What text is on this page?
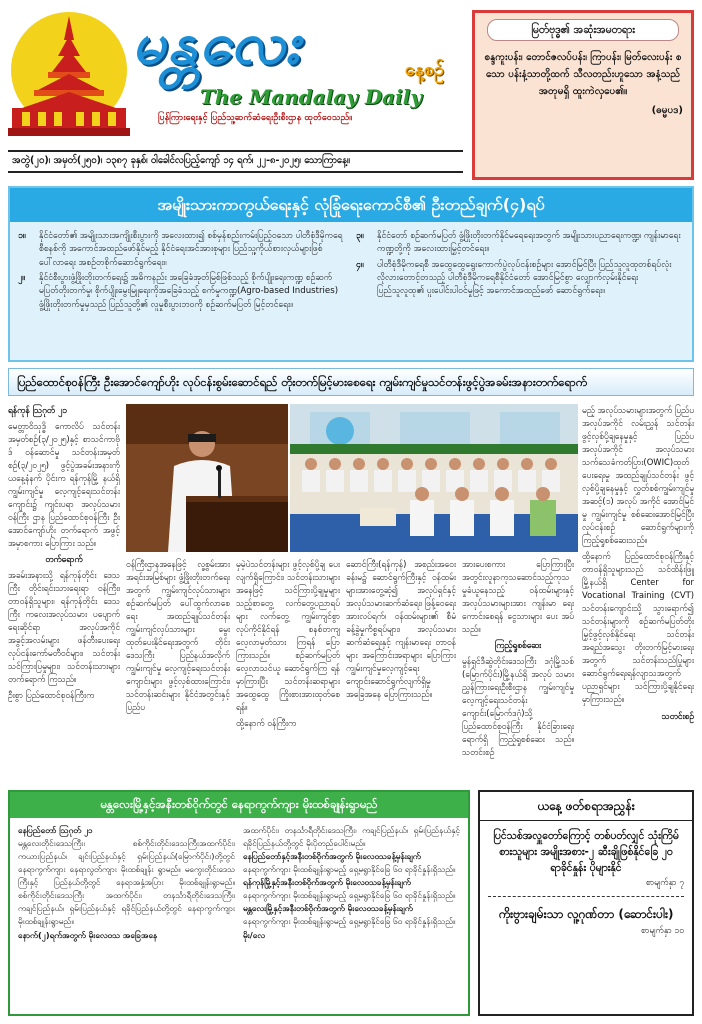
မန္တလေး	နေ့စဉ်
The Mandalay Daily
ပြန်ကြားရေးနှင့် ပြည်သူ့ဆက်ဆံရေးဦးစီးဌာန ထုတ်ဝေသည်။
မြတ်ဗုဒ္ဓ၏ အဆုံးအမတရား
စန္ဒကူးပန်း၊ တောင်ဇလပ်ပန်း၊ ကြာပန်း၊ မြတ်လေးပန်း စသော ပန်းနံ့သာတို့ထက် သီလတည်းဟူသော အနံ့သည် အတုမရှိ ထူးကဲလှပေ၏။
(ဓမ္မပဒ)
အတွဲ(၂၀)၊ အမှတ်(၂၅၀)၊ ၁၃၈၇ ခုနှစ်၊ ဝါခေါင်လပြည့်ကျော် ၁၄ ရက်၊ ၂၂-၈-၂၀၂၅၊ သောကြာနေ့။
အမျိုးသားကာကွယ်ရေးနှင့် လုံခြုံရေးကောင်စီ၏ ဦးတည်ချက်(၄)ရပ်
၁။	နိုင်ငံတော်၏ အမျိုးသားအကျိုးစီးပွားကို အလေးထား၍ စစ်မှန်စည်းကမ်းပြည့်ဝသော ပါတီစုံဒီမိုကရေစီစနစ်ကို အကောင်အထည်ဖော်နိုင်မည့် နိုင်ငံရေးအင်အားစုများ ပြည်သူ့ကိုယ်စားလှယ်များဖြစ်ပေါ်လာရေး အစဉ်တစိုက်ဆောင်ရွက်ရေး။
၂။	နိုင်ငံစီးပွားဖွံ့ဖြိုးတိုးတက်ရေး၌ အဓိကနည်း အခြေခံအုတ်မြစ်ဖြစ်သည့် စိုက်ပျိုးရေးကဏ္ဍ စဉ်ဆက်မပြတ်တိုးတက်မှု၊ စိုက်ပျိုးမွေးမြူရေးကိုအခြေခံသည့် စက်မှုကဏ္ဍ(Agro-based Industries) ဖွံ့ဖြိုးတိုးတက်မှုမှသည် ပြည်သူတို့၏ လူမှုစီးပွားဘဝကို စဉ်ဆက်မပြတ် မြင့်တင်ရေး။
၃။	နိုင်ငံတော် စဉ်ဆက်မပြတ် ဖွံ့ဖြိုးတိုးတက်နိုင်မရေရေးအတွက် အမျိုးသားပညာရေးကဏ္ဍ၊ ကျန်းမာရေးကဏ္ဍတို့ကို အလေးထားမြှင့်တင်ရေး။
၄။	ပါတီစုံဒီမိုကရေစီ အထွေထွေရွေးကောက်ပွဲလုပ်ငန်းစဉ်များ အောင်မြင်ပြီး ပြည်သူလူထုတစ်ရပ်လုံး လိုလားတောင့်တသည့် ပါတီစုံဒီမိုကရေစီနိုင်ငံတော် အောင်မြင်စွာ လျှောက်လှမ်းနိုင်ရေး ပြည်သူလူထု၏ ပူးပေါင်းပါဝင်မှုဖြင့် အကောင်အထည်ဖော် ဆောင်ရွက်ရေး။
ပြည်ထောင်စုဝန်ကြီး ဦးအောင်ကျော်ဟိုး လုပ်ငန်းစွမ်းဆောင်ရည် တိုးတက်မြင့်မားစေရေး ကျွမ်းကျင်မှုသင်တန်းဖွင့်ပွဲအခမ်းအနားတက်ရောက်

ရန်ကုန် ဩဂုတ် ၂၁

မေတ္တာဝိသုဒ္ဓိ ကောလိပ် သင်တန်းအမှတ်စဉ်(၃/၂၀၂၅)နှင့် စာသင်ကာဗိုဒ် ဝန်ဆောင်မှု သင်တန်းအမှတ်စဉ်(၃/၂၀၂၅) ဖွင့်ပွဲအခမ်းအနားကို ယနေ့နံနက် ပိုင်းက ရန်ကုန်မြို့ နယ်ရှိ ကျွမ်းကျင်မှု လေ့ကျင့်ရေးသင်တန်းကျောင်း၌ ကျင်းပရာ အလုပ်သမားဝန်ကြီး ဌာန ပြည်ထောင်စုဝန်ကြီး ဦးအောင်ကျော်ဟိုး တက်ရောက် အဖွင့်အမှာစကား ပြောကြား သည်။

တက်ရောက်

အခမ်းအနားသို့ ရန်ကုန်တိုင်း ဒေသကြီး တိုင်းရင်းသားရေးရာ ဝန်ကြီး၊ တာဝန်ရှိသူများ၊ ရန်ကုန်တိုင်း ဒေသကြီး ကလေးအလုပ်သမား ပပျောက်ရေးဆိုင်ရာ အလုပ်အကိုင် အခွင့်အလမ်းများ ဖန်တီးပေးရေးလုပ်ငန်းကော်မတီဝင်များ၊ သင်တန်းသင်ကြားပြမှုများ၊ သင်တန်းသားများ တက်ရောက် ကြသည်။

ဦးစွာ ပြည်ထောင်စုဝန်ကြီးက

ဝန်ကြီးဌာနအနေဖြင့် လူ့စွမ်းအား အရင်းအမြစ်များ ဖွံ့ဖြိုးတိုးတက်ရေးအတွက် ကျွမ်းကျင်လုပ်သားများ စဉ်ဆက်မပြတ် ပေါ်ထွက်လာစေရေး အထည်ချုပ်သင်တန်း ကျွမ်းကျင်လုပ်သားများ မွေးထုတ်ပေးနိုင်ရေးအတွက် တိုင်းဒေသကြီး ပြည်နယ်အလိုက် ကျွမ်းကျင်မှု လေ့ကျင့်ရေးသင်တန်းကျောင်းများ ဖွင့်လှစ်ထားကြောင်း၊ သင်တန်းဆင်းများ နိုင်ငံအတွင်းနှင့် ပြည်ပ

မှမဲ့ပဲသင်တန်းများ ဖွင့်လှစ်ပို့ချ ပေးလျက်ရှိကြောင်း၊ သင်တန်းသားများအနေဖြင့် သင်ကြားပို့ချမှုများ သည့်စာတွေ့ လက်တွေ့ပညာရပ်များ လက်တွေ့ ကျွမ်းကျင်စွာ လုပ်ကိုင်နိုင်ရန် စနစ်တကျ လေ့လာမှတ်သား ကြရန် ပြောကြားသည်။ စဉ်ဆက်မပြတ် လေ့လာသင်ယူ ဆောင်ရွက်ကြ ရန် မှာကြားပြီး သင်တန်းဆရာများ အထွေထွေ ကြိုးစားအားထုတ်စေရန်။

ထို့နောက် ဝန်ကြီးက

ဆောင်ကြီး(ရန်ကုန်) အစည်းအဝေး ခန်းမ၌ ဆောင်ရွက်ကြီးနှင့် ဝန်ထမ်း များအားတွေ့ဆုံ၍ အလုပ်ရှင်နှင့် အလုပ်သမားဆက်ဆံရေး၊ ဖြန့်ဝေရေး အားလပ်ရက်၊ ဝန်ထမ်းများ၏ စီမံခန့်ခွဲမှုကိစ္စရပ်များ၊ အလုပ်သမား ဆက်ဆံရေးနှင့် ကျန်းမာရေး တာဝန်များ အကြောင်းအရာများ ပြောကြား ကျွမ်းကျင်မှုလေ့ကျင့်ရေး ကျောင်းဆောင်ရွက်လျက်ရှိမှု အခြေအနေ ပြောကြားသည်။

အားပေးစကား ပြောကြားပြီး အတွင်းလူနာကုသဆောင်သည့်ကုသမှုခံယူနေသည့် ဝန်ထမ်းများနှင့် အလုပ်သမားများအား ကျန်းမာ ရေး ကောင်းစေရန် ငွေသားများ ပေး အပ်သည်။

ကြည့်ရှုစစ်ဆေး

မွန်ရှင်ဒီဆွဲတိုင်းဒေသကြီး ဒဂုံမြို့သစ် (မြောက်ပိုင်း)မြို့နယ်ရှိ အလုပ် သမား ညွှန်ကြားရေးဦးစီးဌာန ကျွမ်းကျင်မှုလေ့ကျင့်ရေးသင်တန်း ကျောင်း(မြောက်ဒဂုံ)သို့ ပြည်ထောင်စုဝန်ကြီး နိုင်ငံခြားရေးရောက်ရှိ ကြည့်ရှုစစ်ဆေး သည်။ သတင်းစဉ်

မည့် အလုပ်သမားများအတွက် ပြည်ပအလုပ်အကိုင် လမ်းညွှန် သင်တန်း ဖွင့်လှစ်ပို့ချနေမှုနှင့် ပြည်ပအလုပ်အကိုင် အလုပ်သမား သက်သေခံကတ်ပြား(OWIC)ထုတ် ပေးရေးမှု အထည်ချုပ်သင်တန်း ဖွင့်လှစ်ပို့ချနေမှုနှင့် လွှတ်စစ်ကျွမ်းကျင်မှုအဆင့်(၁) အလုပ် အကိုင် အောင်မြင်မှု ကျွမ်းကျင်မှု စစ်ဆေးအောင်မြင်ပြီး လုပ်ငန်းစဉ် ဆောင်ရွက်များကို ကြည့်ရှုစစ်ဆေးသည်။

ထို့နောက် ပြည်ထောင်စုဝန်ကြီးနှင့် တာဝန်ရှိသူများသည် သင်ထိန်းဖြူမြို့နယ်ရှိ Center for Vocational Training (CVT) သင်တန်းကျောင်းသို့ သွားရောက်၍ သင်တန်းများကို စဉ်ဆက်မပြတ်တိုးမြှင့်ဖွင့်လှစ်နိုင်ရေး သင်တန်း အရည်အသွေး တိုးတက်မြင့်မားရေးအတွက် သင်တန်းသည်ပြုများ ဆောင်ရွက်ရေးရန်လျာသအတွက် ပညာရှင်များ သင်ကြားပို့ချနိုင်ရေး မှာကြားသည်။

သတင်းစဉ်

မန္တလေးမြို့နှင့်အနီးတစ်ဝိုက်တွင် နေရာကွက်ကျား မိုးထစ်ချုန်းရွာမည်

နေပြည်တော် ဩဂုတ် ၂၁

မန္တလေးတိုင်းဒေသကြီး၊ စစ်ကိုင်းတိုင်းဒေသကြီးအထက်ပိုင်း၊ ကယားပြည်နယ်၊ ချင်းပြည်နယ်နှင့် ရှမ်းပြည်နယ်(မြောက်ပိုင်း)တို့တွင် နေရာကွက်ကျား နေရာလွတ်ကျား မိုးထစ်ချုန်း ရွာမည်။ မကွေးတိုင်းဒေသကြီးနှင့် ပြည်နယ်တို့တွင် နေရာအနှံ့အပြား မိုးထစ်ချုန်းရွာမည်။ စစ်ကိုင်းတိုင်းဒေသကြီး အထက်ပိုင်း၊ တနင်္သာရီတိုင်းဒေသကြီး၊ ကချင်ပြည်နယ်၊ ရှမ်းပြည်နယ်နှင့် ရခိုင်ပြည်နယ်တို့တွင် နေရာကွက်ကျား မိုးထစ်ချုန်းရွာမည်။

နောက်(၂)ရက်အတွက် မိုးလေဝသ အခြေအနေ

အထက်ပိုင်း၊ တနင်္သာရီတိုင်းဒေသကြီး၊ ကချင်ပြည်နယ်၊ ရှမ်းပြည်နယ်နှင့် ရခိုင်ပြည်နယ်တို့တွင် မိုးပိုတည်ပေါင်းမည်။

နေပြည်တော်နှင့်အနီးတစ်ဝိုက်အတွက် မိုးလေဝသခန့်မှန်းချက်

နေရာကွက်ကျား မိုးထစ်ချုန်းရွာမည့် ရှေ့မရွာနိုင်ခြေ ၆၀ ရာခိုင်နှုန်းရှိသည်။

ရန်ကုန်မြို့နှင့်အနီးတစ်ဝိုက်အတွက် မိုးလေဝသခန့်မှန်းချက်

နေရာကွက်ကျား မိုးထစ်ချုန်းရွာမည့် ရှေ့မရွာနိုင်ခြေ ၆၀ ရာခိုင်နှုန်းရှိသည်။

မန္တလေးမြို့နှင့်အနီးတစ်ဝိုက်အတွက် မိုးလေဝသခန့်မှန်းချက်

နေရာကွက်ကျား မိုးထစ်ချုန်းရွာမည့် ရှေ့မရွာနိုင်ခြေ ၆၀ ရာခိုင်နှုန်းရှိသည်။

မိုး/လေ

ယနေ့ ဖတ်စရာအညွှန်း
ပြင်သစ်အလှူတော်ကြောင့် တစ်ပတ်လျှင် သုံးကြိမ်စားသူများ အမျိုးအစား-၂ ဆီးချိုဖြစ်နိုင်ခြေ ၂၀ ရာခိုင်နှုန်း ပိုများနိုင်
စာမျက်နှာ ၇
ကိုးဗွားချမ်းသာ လူ့ဂုဏ်တာ (ဆောင်းပါး)
စာမျက်နှာ ၁၀
